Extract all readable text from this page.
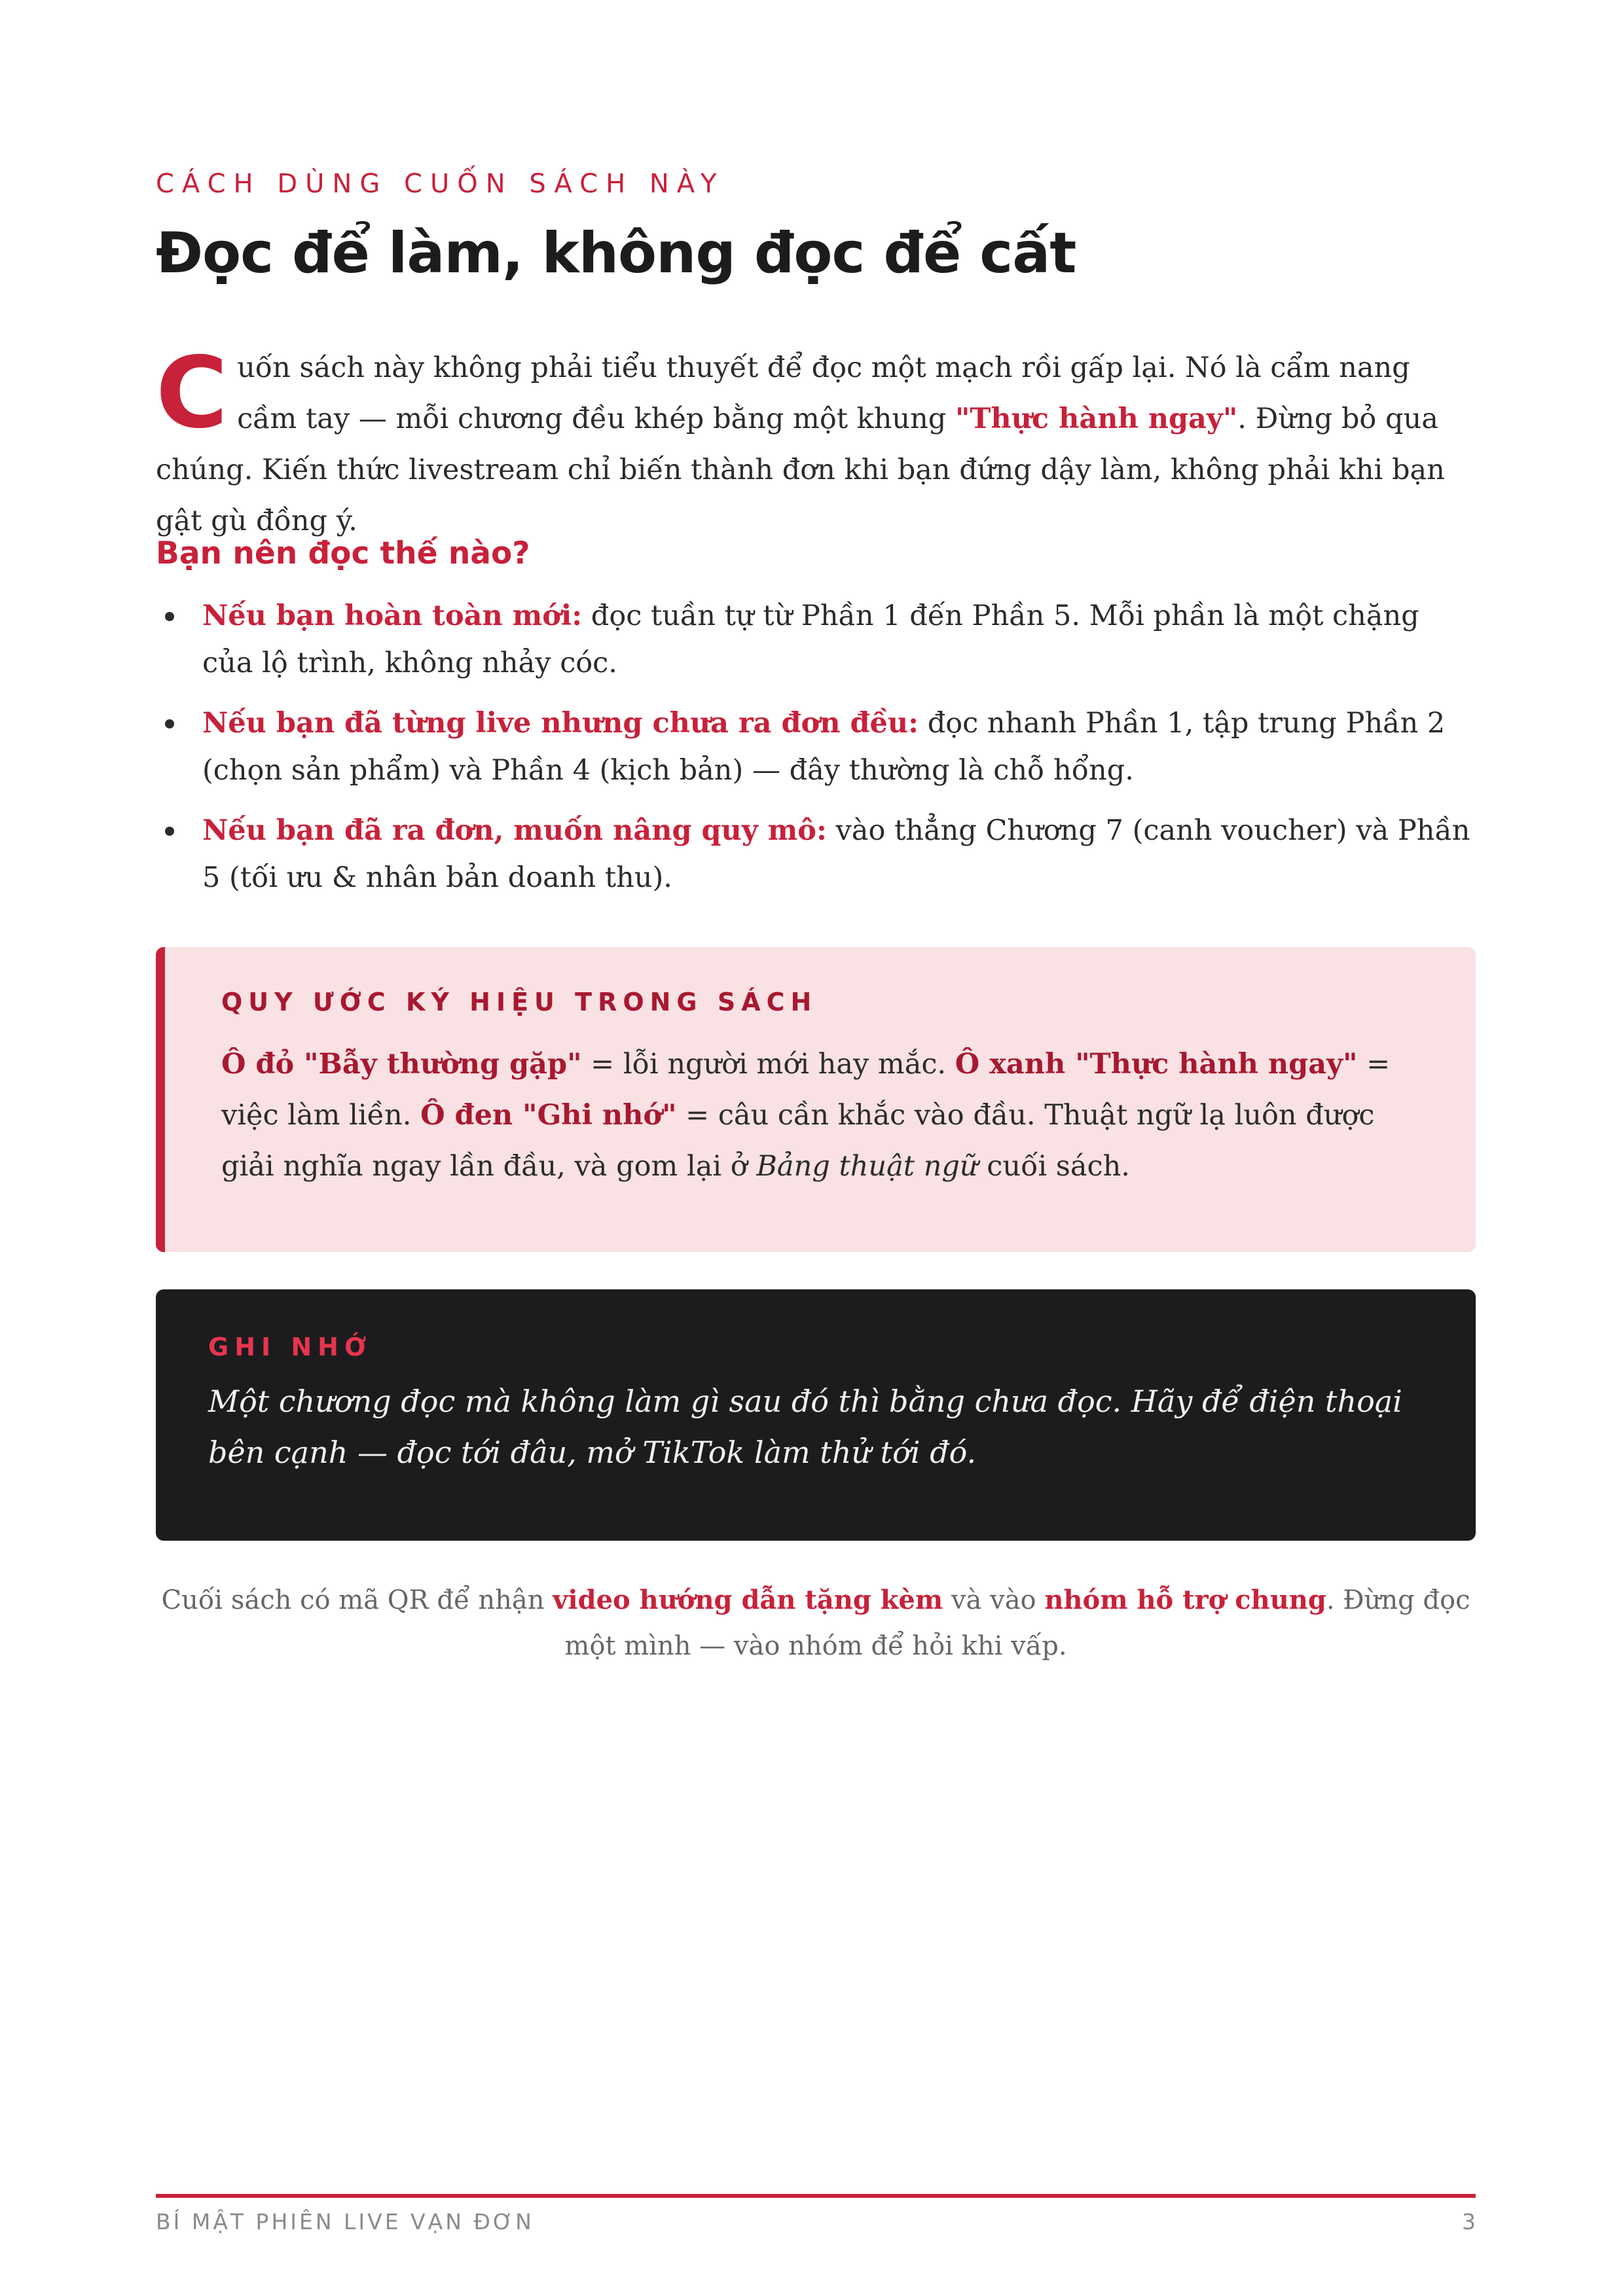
CÁCH DÙNG CUỐN SÁCH NÀY
Đọc để làm, không đọc để cất

Cuốn sách này không phải tiểu thuyết để đọc một mạch rồi gấp lại. Nó là cẩm nang cầm tay — mỗi chương đều khép bằng một khung "Thực hành ngay". Đừng bỏ qua chúng. Kiến thức livestream chỉ biến thành đơn khi bạn đứng dậy làm, không phải khi bạn gật gù đồng ý.

Bạn nên đọc thế nào?
Nếu bạn hoàn toàn mới: đọc tuần tự từ Phần 1 đến Phần 5. Mỗi phần là một chặng của lộ trình, không nhảy cóc.
Nếu bạn đã từng live nhưng chưa ra đơn đều: đọc nhanh Phần 1, tập trung Phần 2 (chọn sản phẩm) và Phần 4 (kịch bản) — đây thường là chỗ hổng.
Nếu bạn đã ra đơn, muốn nâng quy mô: vào thẳng Chương 7 (canh voucher) và Phần 5 (tối ưu & nhân bản doanh thu).
QUY ƯỚC KÝ HIỆU TRONG SÁCH
Ô đỏ "Bẫy thường gặp" = lỗi người mới hay mắc. Ô xanh "Thực hành ngay" = việc làm liền. Ô đen "Ghi nhớ" = câu cần khắc vào đầu. Thuật ngữ lạ luôn được giải nghĩa ngay lần đầu, và gom lại ở Bảng thuật ngữ cuối sách.
GHI NHỚ
Một chương đọc mà không làm gì sau đó thì bằng chưa đọc. Hãy để điện thoại bên cạnh — đọc tới đâu, mở TikTok làm thử tới đó.
Cuối sách có mã QR để nhận video hướng dẫn tặng kèm và vào nhóm hỗ trợ chung. Đừng đọc một mình — vào nhóm để hỏi khi vấp.
BÍ MẬT PHIÊN LIVE VẠN ĐƠN	3
